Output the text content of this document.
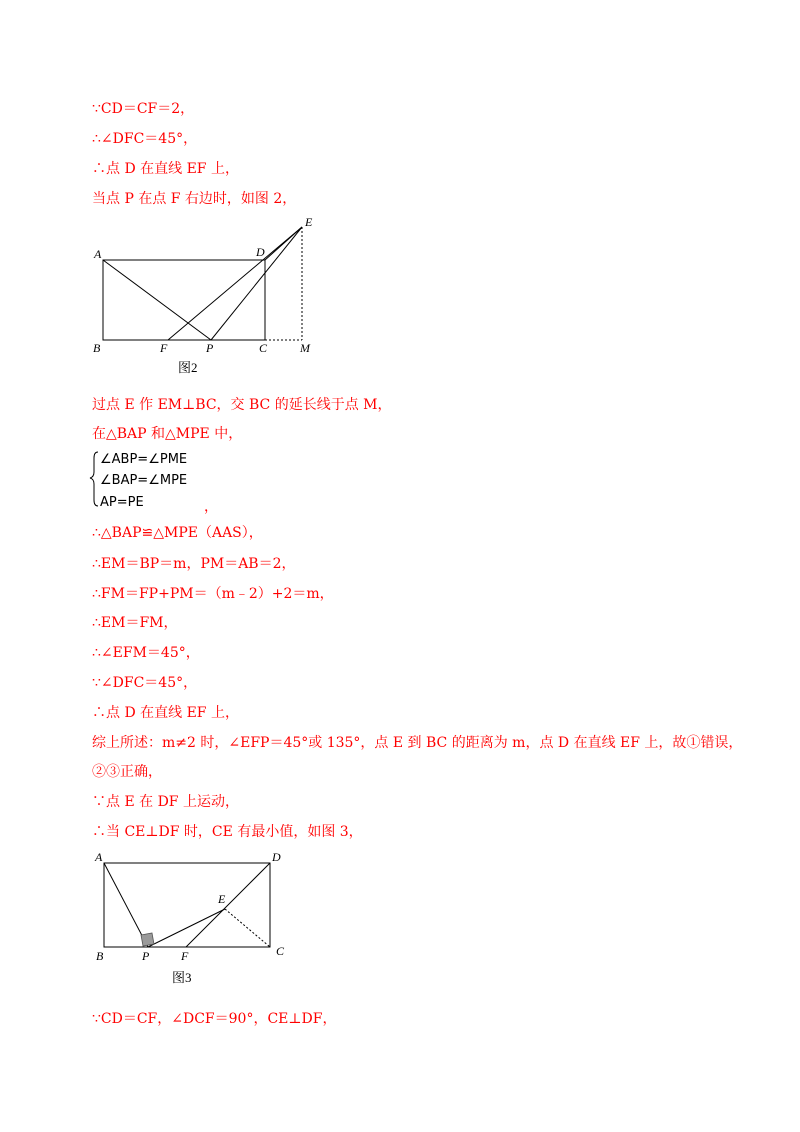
∵CD＝CF＝2，
∴∠DFC＝45°，
∴点 D 在直线 EF 上，
当点 P 在点 F 右边时，如图 2，
A
B	F	P	C	M
D
E
图2
A
B	P	F	C
D
E
图3
过点 E 作 EM⊥BC，交 BC 的延长线于点 M，
在△BAP 和△MPE 中，
∠ABP=∠PME
∠BAP=∠MPE
AP=PE	，
∴△BAP≌△MPE（AAS），
∴EM＝BP＝m，PM＝AB＝2，
∴FM＝FP+PM＝（m﹣2）+2＝m，
∴EM＝FM，
∴∠EFM＝45°，
∵∠DFC＝45°，
∴点 D 在直线 EF 上，
综上所述：m≠2 时，∠EFP＝45°或 135°，点 E 到 BC 的距离为 m，点 D 在直线 EF 上，故①错误，
②③正确，
∵点 E 在 DF 上运动，
∴当 CE⊥DF 时，CE 有最小值，如图 3，
∵CD＝CF，∠DCF＝90°，CE⊥DF，
